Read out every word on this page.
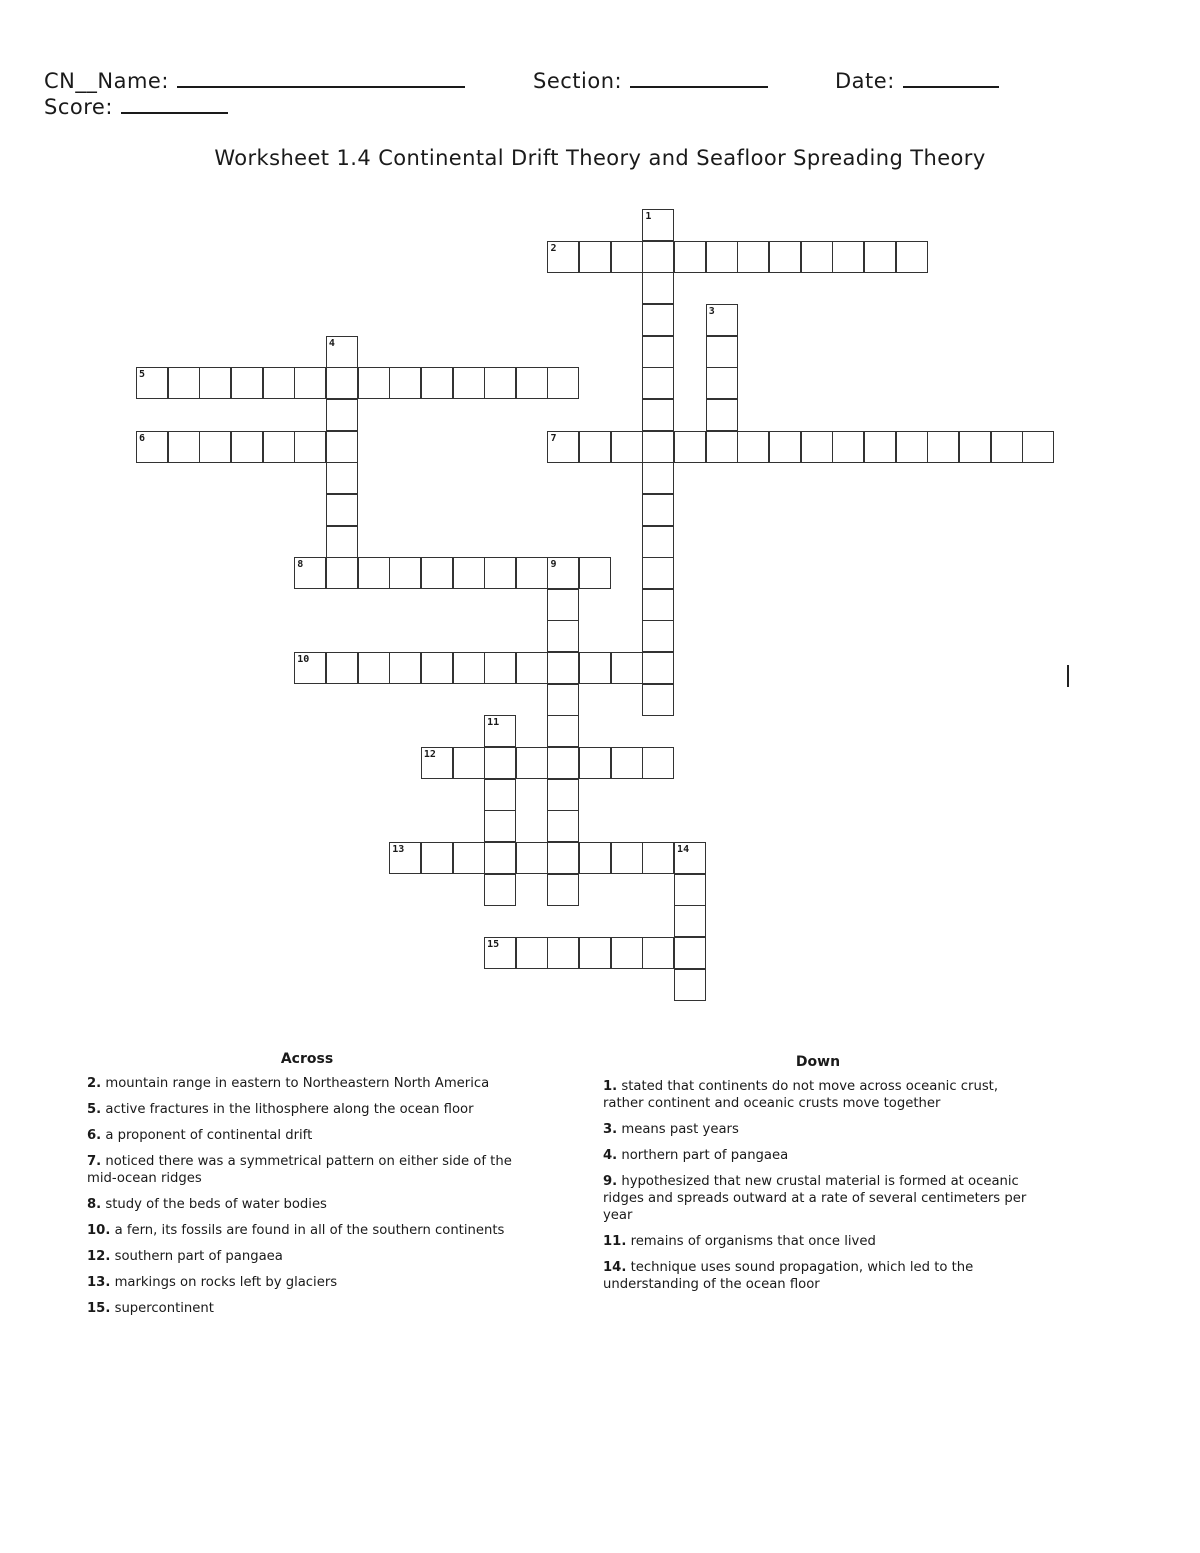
CN__Name:	Section:	Date:
Score:
Worksheet 1.4 Continental Drift Theory and Seafloor Spreading Theory
1
2
3
4
5
6	7
8	9
10
11
12
13	14
15
Across
2. mountain range in eastern to Northeastern North America
5. active fractures in the lithosphere along the ocean floor
6. a proponent of continental drift
7. noticed there was a symmetrical pattern on either side of the mid-ocean ridges
8. study of the beds of water bodies
10. a fern, its fossils are found in all of the southern continents
12. southern part of pangaea
13. markings on rocks left by glaciers
15. supercontinent
Down
1. stated that continents do not move across oceanic crust, rather continent and oceanic crusts move together
3. means past years
4. northern part of pangaea
9. hypothesized that new crustal material is formed at oceanic ridges and spreads outward at a rate of several centimeters per year
11. remains of organisms that once lived
14. technique uses sound propagation, which led to the understanding of the ocean floor
